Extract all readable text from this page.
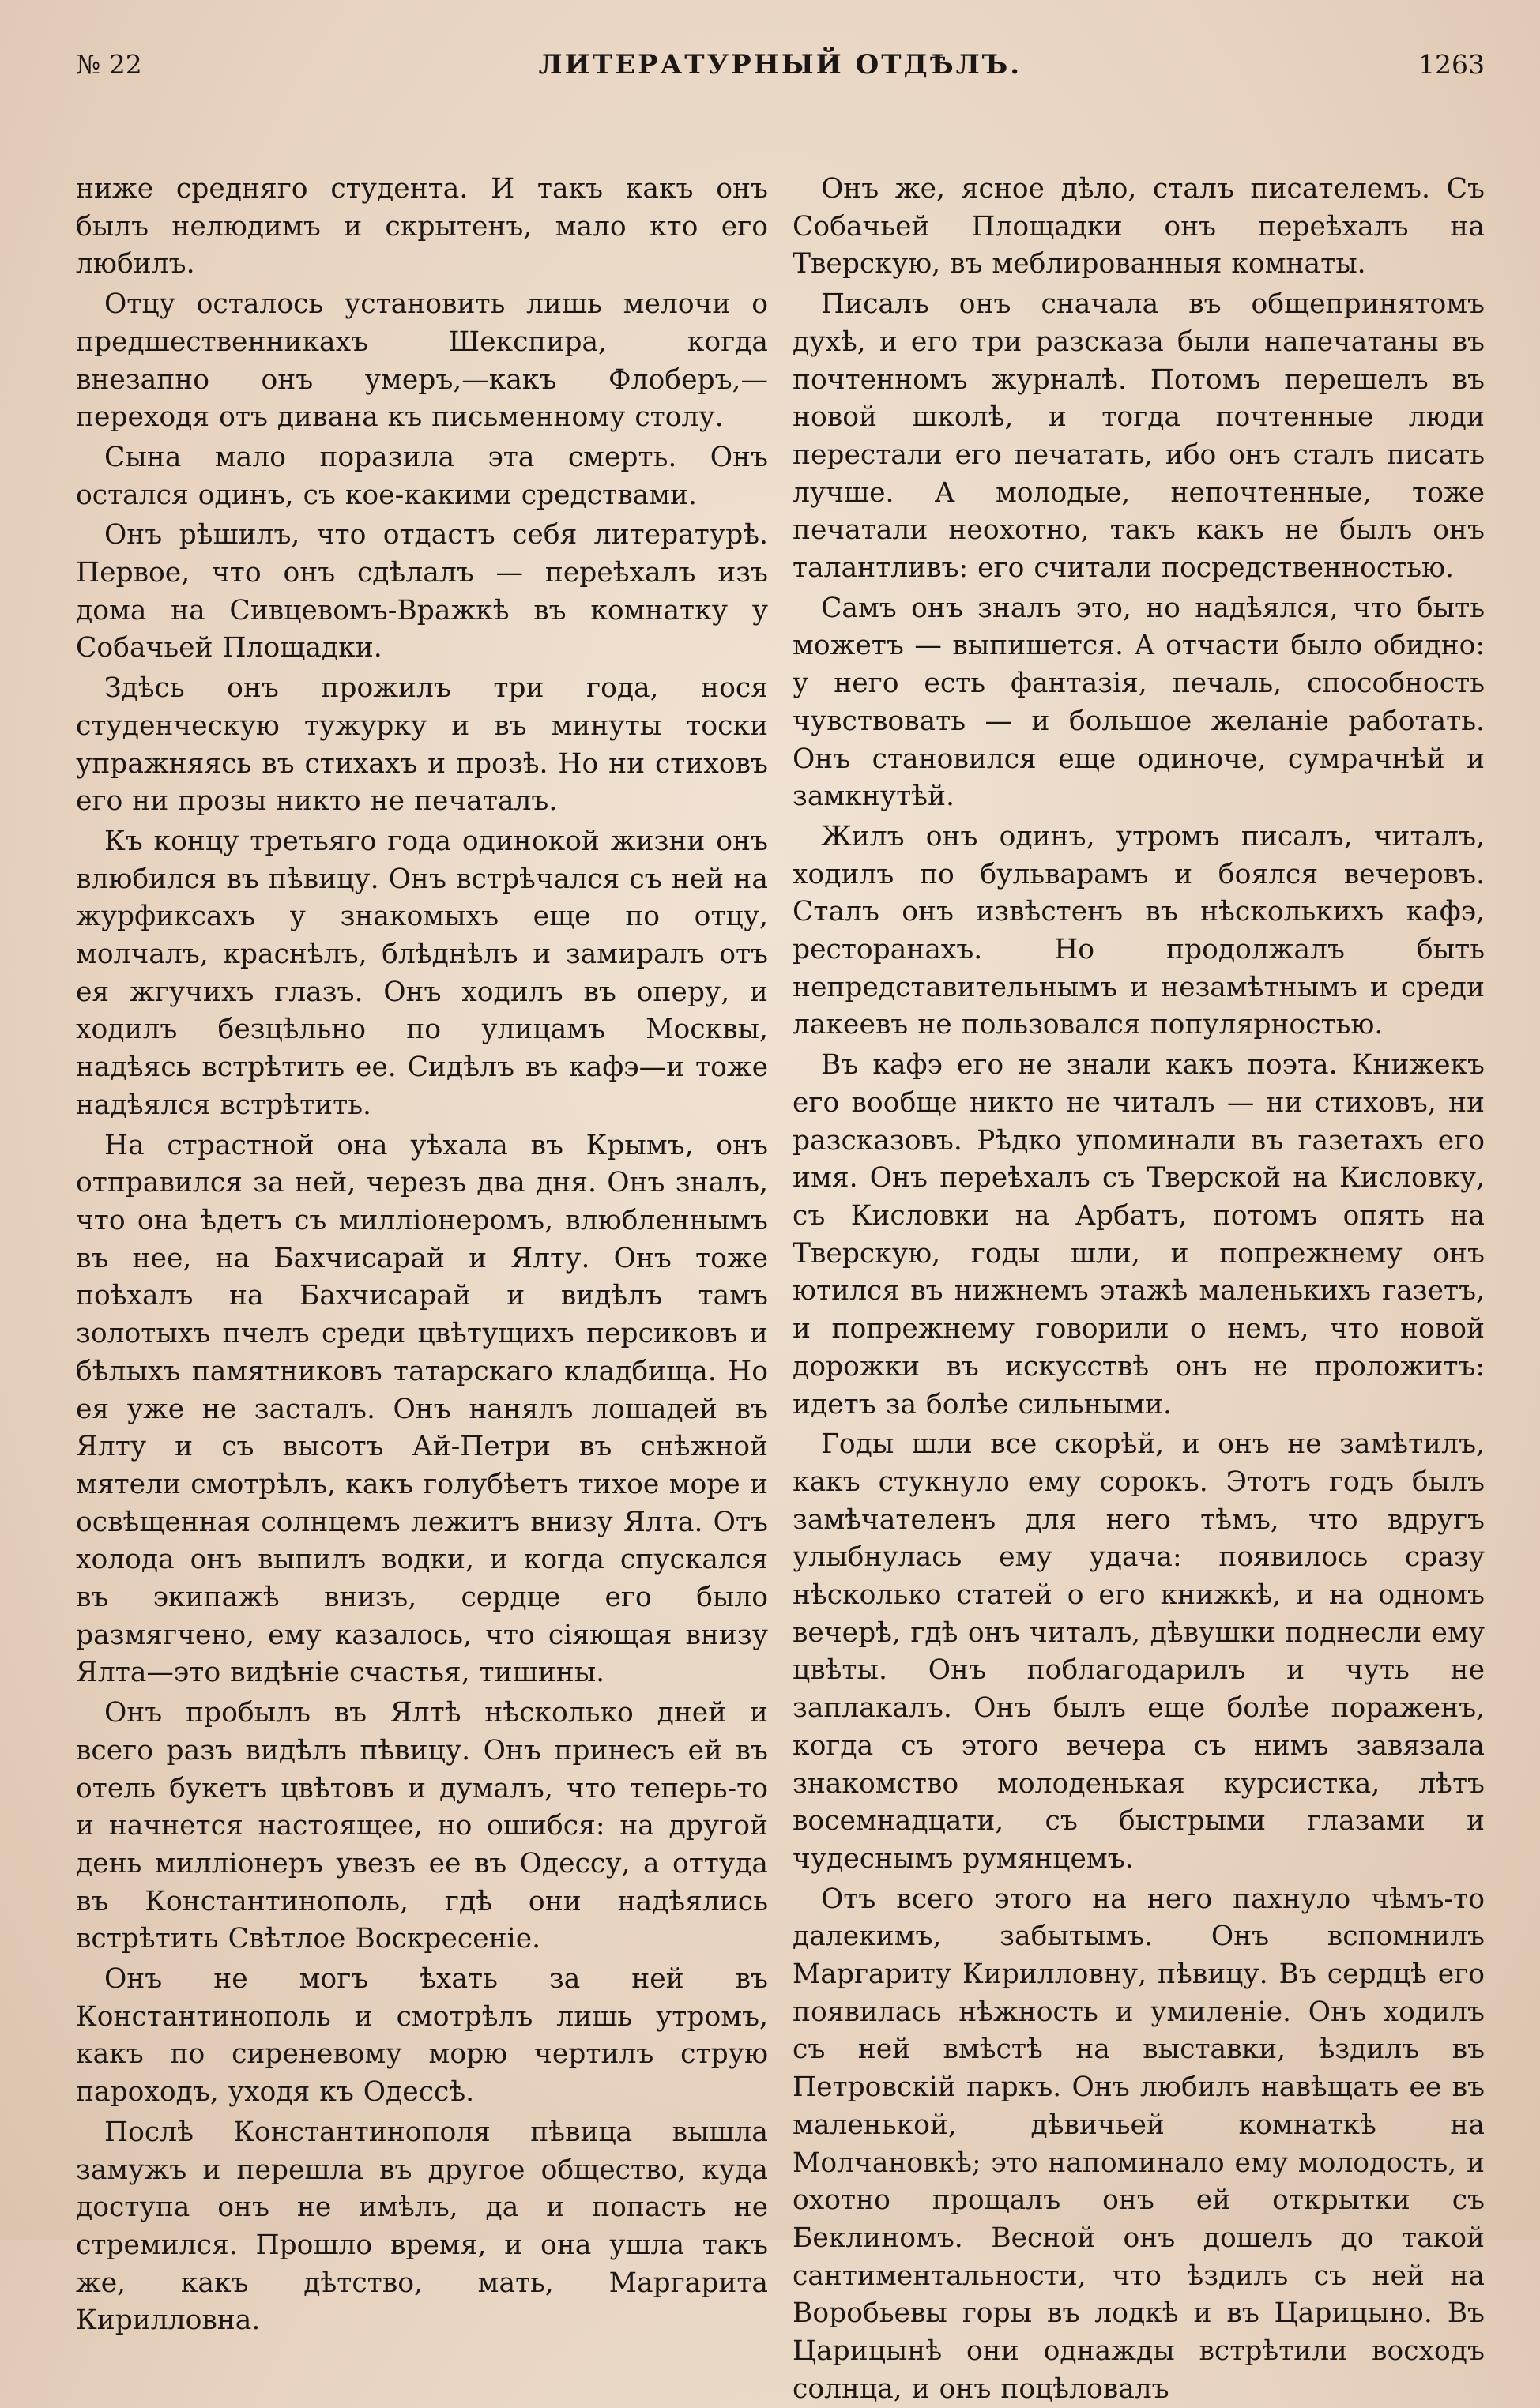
№ 22	ЛИТЕРАТУРНЫЙ ОТДѢЛЪ.	1263

ниже средняго студента. И такъ какъ онъ былъ нелюдимъ и скрытенъ, мало кто его любилъ.

Отцу осталось установить лишь мелочи о предшественникахъ Шекспира, когда внезапно онъ умеръ,—какъ Флоберъ,—переходя отъ дивана къ письменному столу.

Сына мало поразила эта смерть. Онъ остался одинъ, съ кое-какими средствами.

Онъ рѣшилъ, что отдастъ себя литературѣ. Первое, что онъ сдѣлалъ — переѣхалъ изъ дома на Сивцевомъ-Вражкѣ въ комнатку у Собачьей Площадки.

Здѣсь онъ прожилъ три года, нося студенческую тужурку и въ минуты тоски упражняясь въ стихахъ и прозѣ. Но ни стиховъ его ни прозы никто не печаталъ.

Къ концу третьяго года одинокой жизни онъ влюбился въ пѣвицу. Онъ встрѣчался съ ней на журфиксахъ у знакомыхъ еще по отцу, молчалъ, краснѣлъ, блѣднѣлъ и замиралъ отъ ея жгучихъ глазъ. Онъ ходилъ въ оперу, и ходилъ безцѣльно по улицамъ Москвы, надѣясь встрѣтить ее. Сидѣлъ въ кафэ—и тоже надѣялся встрѣтить.

На страстной она уѣхала въ Крымъ, онъ отправился за ней, черезъ два дня. Онъ зналъ, что она ѣдетъ съ милліонеромъ, влюбленнымъ въ нее, на Бахчисарай и Ялту. Онъ тоже поѣхалъ на Бахчисарай и видѣлъ тамъ золотыхъ пчелъ среди цвѣтущихъ персиковъ и бѣлыхъ памятниковъ татарскаго кладбища. Но ея уже не засталъ. Онъ нанялъ лошадей въ Ялту и съ высотъ Ай-Петри въ снѣжной мятели смотрѣлъ, какъ голубѣетъ тихое море и освѣщенная солнцемъ лежитъ внизу Ялта. Отъ холода онъ выпилъ водки, и когда спускался въ экипажѣ внизъ, сердце его было размягчено, ему казалось, что сіяющая внизу Ялта—это видѣніе счастья, тишины.

Онъ пробылъ въ Ялтѣ нѣсколько дней и всего разъ видѣлъ пѣвицу. Онъ принесъ ей въ отель букетъ цвѣтовъ и думалъ, что теперь-то и начнется настоящее, но ошибся: на другой день милліонеръ увезъ ее въ Одессу, а оттуда въ Константинополь, гдѣ они надѣялись встрѣтить Свѣтлое Воскресеніе.

Онъ не могъ ѣхать за ней въ Константинополь и смотрѣлъ лишь утромъ, какъ по сиреневому морю чертилъ струю пароходъ, уходя къ Одессѣ.

Послѣ Константинополя пѣвица вышла замужъ и перешла въ другое общество, куда доступа онъ не имѣлъ, да и попасть не стремился. Прошло время, и она ушла такъ же, какъ дѣтство, мать, Маргарита Кирилловна.

Онъ же, ясное дѣло, сталъ писателемъ. Съ Собачьей Площадки онъ переѣхалъ на Тверскую, въ меблированныя комнаты.

Писалъ онъ сначала въ общепринятомъ духѣ, и его три разсказа были напечатаны въ почтенномъ журналѣ. Потомъ перешелъ въ новой школѣ, и тогда почтенные люди перестали его печатать, ибо онъ сталъ писать лучше. А молодые, непочтенные, тоже печатали неохотно, такъ какъ не былъ онъ талантливъ: его считали посредственностью.

Самъ онъ зналъ это, но надѣялся, что быть можетъ — выпишется. А отчасти было обидно: у него есть фантазія, печаль, способность чувствовать — и большое желаніе работать. Онъ становился еще одиноче, сумрачнѣй и замкнутѣй.

Жилъ онъ одинъ, утромъ писалъ, читалъ, ходилъ по бульварамъ и боялся вечеровъ. Сталъ онъ извѣстенъ въ нѣсколькихъ кафэ, ресторанахъ. Но продолжалъ быть непредставительнымъ и незамѣтнымъ и среди лакеевъ не пользовался популярностью.

Въ кафэ его не знали какъ поэта. Книжекъ его вообще никто не читалъ — ни стиховъ, ни разсказовъ. Рѣдко упоминали въ газетахъ его имя. Онъ переѣхалъ съ Тверской на Кисловку, съ Кисловки на Арбатъ, потомъ опять на Тверскую, годы шли, и попрежнему онъ ютился въ нижнемъ этажѣ маленькихъ газетъ, и попрежнему говорили о немъ, что новой дорожки въ искусствѣ онъ не проложитъ: идетъ за болѣе сильными.

Годы шли все скорѣй, и онъ не замѣтилъ, какъ стукнуло ему сорокъ. Этотъ годъ былъ замѣчателенъ для него тѣмъ, что вдругъ улыбнулась ему удача: появилось сразу нѣсколько статей о его книжкѣ, и на одномъ вечерѣ, гдѣ онъ читалъ, дѣвушки поднесли ему цвѣты. Онъ поблагодарилъ и чуть не заплакалъ. Онъ былъ еще болѣе пораженъ, когда съ этого вечера съ нимъ завязала знакомство молоденькая курсистка, лѣтъ восемнадцати, съ быстрыми глазами и чудеснымъ румянцемъ.

Отъ всего этого на него пахнуло чѣмъ-то далекимъ, забытымъ. Онъ вспомнилъ Маргариту Кирилловну, пѣвицу. Въ сердцѣ его появилась нѣжность и умиленіе. Онъ ходилъ съ ней вмѣстѣ на выставки, ѣздилъ въ Петровскій паркъ. Онъ любилъ навѣщать ее въ маленькой, дѣвичьей комнаткѣ на Молчановкѣ; это напоминало ему молодость, и охотно прощалъ онъ ей открытки съ Беклиномъ. Весной онъ дошелъ до такой сантиментальности, что ѣздилъ съ ней на Воробьевы горы въ лодкѣ и въ Царицыно. Въ Царицынѣ они однажды встрѣтили восходъ солнца, и онъ поцѣловалъ
